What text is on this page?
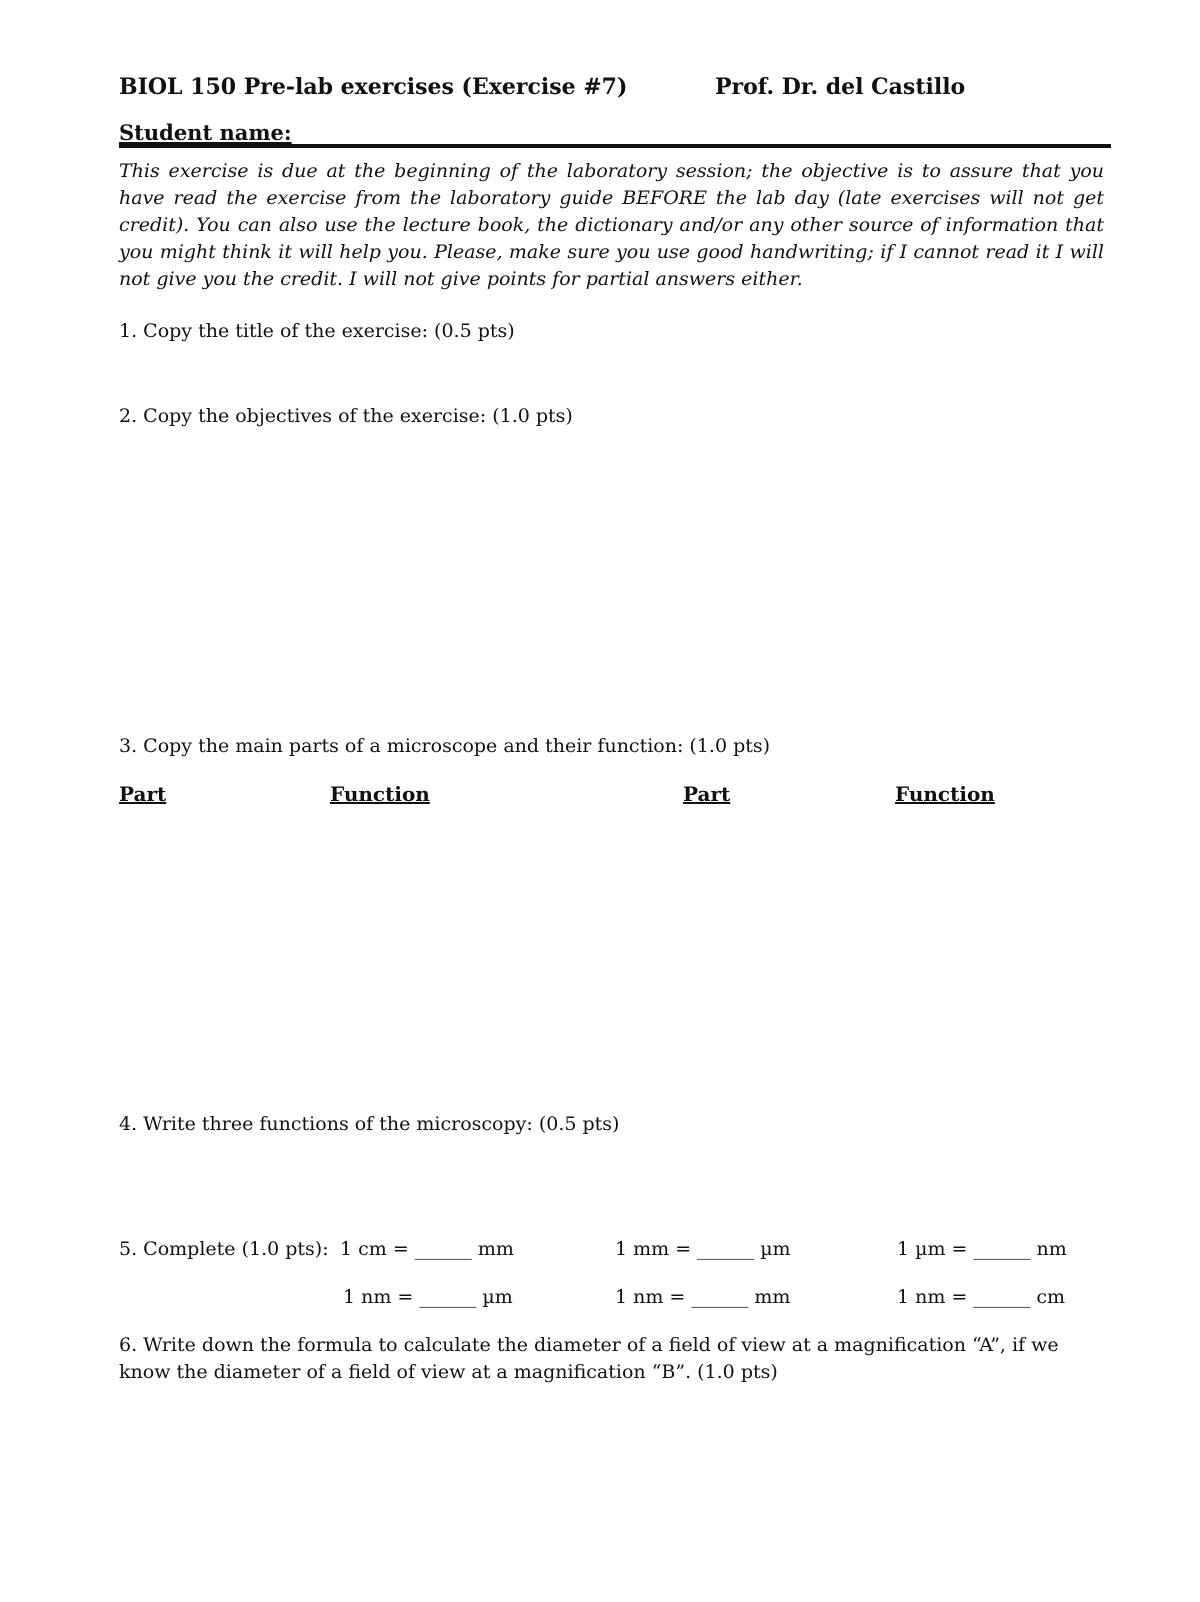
BIOL 150 Pre-lab exercises (Exercise #7)	Prof. Dr. del Castillo
Student name:
This exercise is due at the beginning of the laboratory session; the objective is to assure that you have read the exercise from the laboratory guide BEFORE the lab day (late exercises will not get credit). You can also use the lecture book, the dictionary and/or any other source of information that you might think it will help you. Please, make sure you use good handwriting; if I cannot read it I will not give you the credit. I will not give points for partial answers either.
1. Copy the title of the exercise: (0.5 pts)
2. Copy the objectives of the exercise: (1.0 pts)
3. Copy the main parts of a microscope and their function: (1.0 pts)
Part	Function	Part	Function
4. Write three functions of the microscopy: (0.5 pts)
5. Complete (1.0 pts): 1 cm = ______ mm	1 mm = ______ µm	1 µm = ______ nm
1 nm = ______ µm	1 nm = ______ mm	1 nm = ______ cm
6. Write down the formula to calculate the diameter of a field of view at a magnification “A”, if we know the diameter of a field of view at a magnification “B”. (1.0 pts)
